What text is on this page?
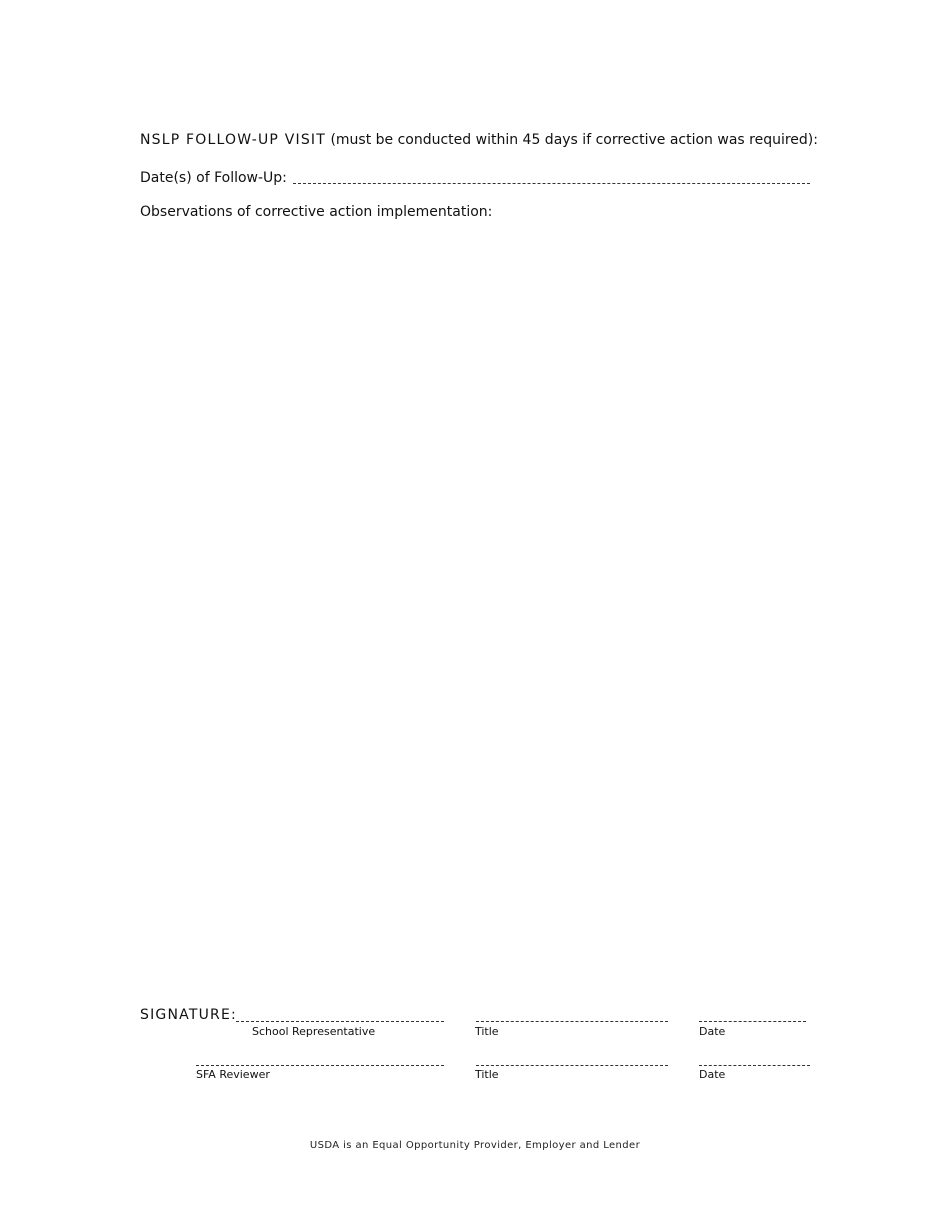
NSLP FOLLOW-UP VISIT (must be conducted within 45 days if corrective action was required):
Date(s) of Follow-Up:
Observations of corrective action implementation:
SIGNATURE:
School Representative	Title	Date
SFA Reviewer	Title	Date
USDA is an Equal Opportunity Provider, Employer and Lender
